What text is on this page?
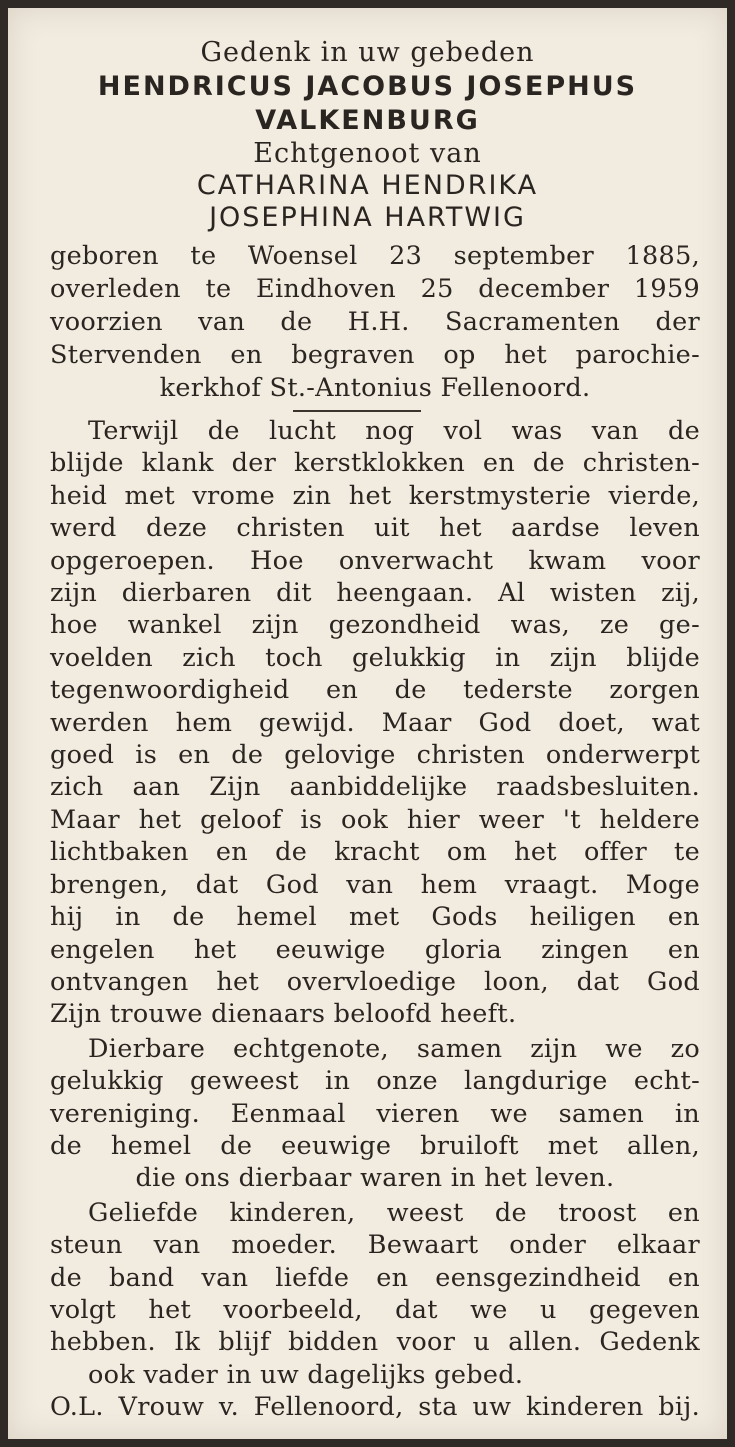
Gedenk in uw gebeden
HENDRICUS JACOBUS JOSEPHUS
VALKENBURG
Echtgenoot van
CATHARINA HENDRIKA
JOSEPHINA HARTWIG
geboren te Woensel 23 september 1885,
overleden te Eindhoven 25 december 1959
voorzien van de H.H. Sacramenten der
Stervenden en begraven op het parochie-
kerkhof St.-Antonius Fellenoord.
Terwijl de lucht nog vol was van de
blijde klank der kerstklokken en de christen-
heid met vrome zin het kerstmysterie vierde,
werd deze christen uit het aardse leven
opgeroepen. Hoe onverwacht kwam voor
zijn dierbaren dit heengaan. Al wisten zij,
hoe wankel zijn gezondheid was, ze ge-
voelden zich toch gelukkig in zijn blijde
tegenwoordigheid en de tederste zorgen
werden hem gewijd. Maar God doet, wat
goed is en de gelovige christen onderwerpt
zich aan Zijn aanbiddelijke raadsbesluiten.
Maar het geloof is ook hier weer 't heldere
lichtbaken en de kracht om het offer te
brengen, dat God van hem vraagt. Moge
hij in de hemel met Gods heiligen en
engelen het eeuwige gloria zingen en
ontvangen het overvloedige loon, dat God
Zijn trouwe dienaars beloofd heeft.
Dierbare echtgenote, samen zijn we zo
gelukkig geweest in onze langdurige echt-
vereniging. Eenmaal vieren we samen in
de hemel de eeuwige bruiloft met allen,
die ons dierbaar waren in het leven.
Geliefde kinderen, weest de troost en
steun van moeder. Bewaart onder elkaar
de band van liefde en eensgezindheid en
volgt het voorbeeld, dat we u gegeven
hebben. Ik blijf bidden voor u allen. Gedenk
ook vader in uw dagelijks gebed.
O.L. Vrouw v. Fellenoord, sta uw kinderen bij.
